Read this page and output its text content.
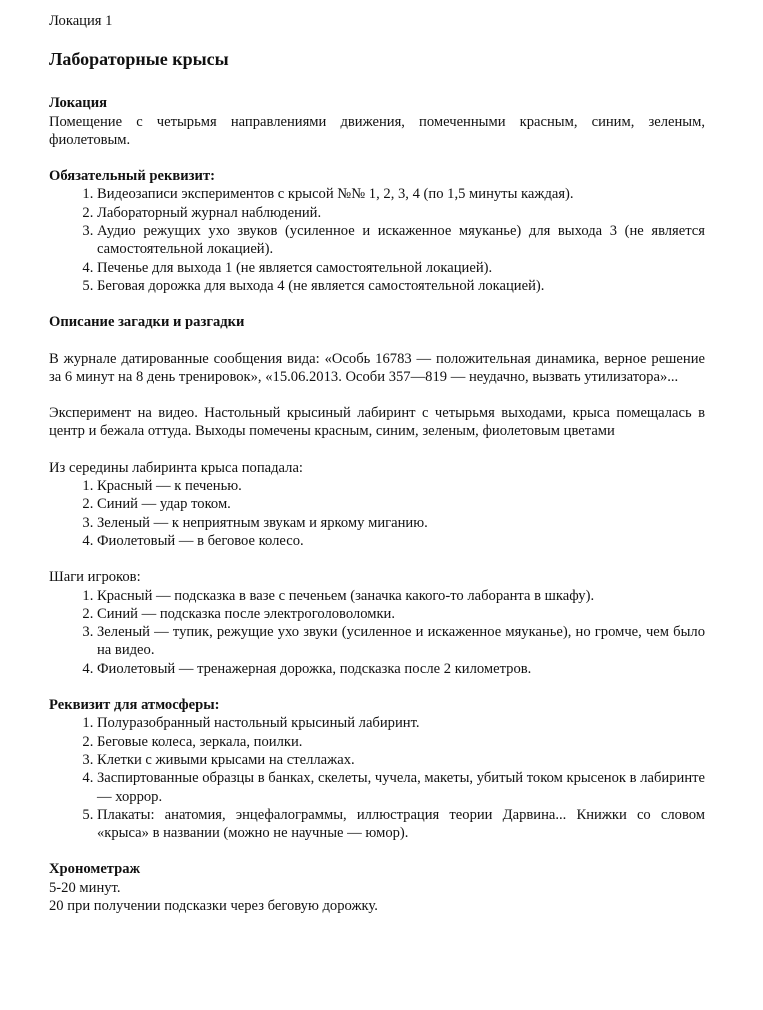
Локация 1

Лабораторные крысы

Локация

Помещение с четырьмя направлениями движения, помеченными красным, синим, зеленым, фиолетовым.

Обязательный реквизит:

1. Видеозаписи экспериментов с крысой №№ 1, 2, 3, 4 (по 1,5 минуты каждая).
2. Лабораторный журнал наблюдений.
3. Аудио режущих ухо звуков (усиленное и искаженное мяуканье) для выхода 3 (не является самостоятельной локацией).
4. Печенье для выхода 1 (не является самостоятельной локацией).
5. Беговая дорожка для выхода 4 (не является самостоятельной локацией).

Описание загадки и разгадки

В журнале датированные сообщения вида: «Особь 16783 — положительная динамика, верное решение за 6 минут на 8 день тренировок», «15.06.2013. Особи 357—819 — неудачно, вызвать утилизатора»...

Эксперимент на видео. Настольный крысиный лабиринт с четырьмя выходами, крыса помещалась в центр и бежала оттуда. Выходы помечены красным, синим, зеленым, фиолетовым цветами

Из середины лабиринта крыса попадала:

1. Красный — к печенью.
2. Синий — удар током.
3. Зеленый — к неприятным звукам и яркому миганию.
4. Фиолетовый — в беговое колесо.

Шаги игроков:

1. Красный — подсказка в вазе с печеньем (заначка какого-то лаборанта в шкафу).
2. Синий — подсказка после электроголоволомки.
3. Зеленый — тупик, режущие ухо звуки (усиленное и искаженное мяуканье), но громче, чем было на видео.
4. Фиолетовый — тренажерная дорожка, подсказка после 2 километров.

Реквизит для атмосферы:

1. Полуразобранный настольный крысиный лабиринт.
2. Беговые колеса, зеркала, поилки.
3. Клетки с живыми крысами на стеллажах.
4. Заспиртованные образцы в банках, скелеты, чучела, макеты, убитый током крысенок в лабиринте — хоррор.
5. Плакаты: анатомия, энцефалограммы, иллюстрация теории Дарвина... Книжки со словом «крыса» в названии (можно не научные — юмор).

Хронометраж

5-20 минут.

20 при получении подсказки через беговую дорожку.
